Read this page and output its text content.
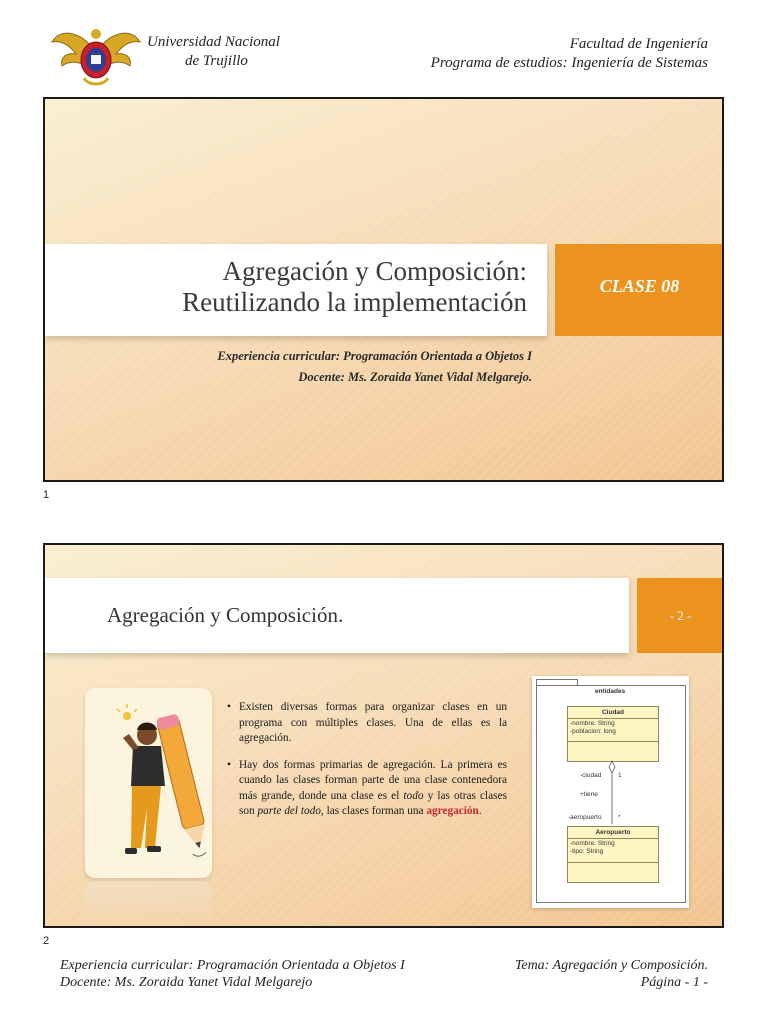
Universidad Nacional
de Trujillo
Facultad de Ingeniería
Programa de estudios: Ingeniería de Sistemas
Agregación y Composición:
Reutilizando la implementación
CLASE 08
Experiencia curricular: Programación Orientada a Objetos I
Docente: Ms. Zoraida Yanet Vidal Melgarejo.
1
Agregación y Composición.	- 2 -
• Existen diversas formas para organizar clases en un programa con múltiples clases. Una de ellas es la agregación.
• Hay dos formas primarias de agregación. La primera es cuando las clases forman parte de una clase contenedora más grande, donde una clase es el todo y las otras clases son parte del todo, las clases forman una agregación.
entidades
Ciudad
-nombre: String
-poblacion: long
-ciudad	1
+tiene
-aeropuerto	*
Aeropuerto
-nombre: String
-tipo: String
2
Experiencia curricular: Programación Orientada a Objetos I
Docente: Ms. Zoraida Yanet Vidal Melgarejo
Tema: Agregación y Composición.
Página - 1 -
